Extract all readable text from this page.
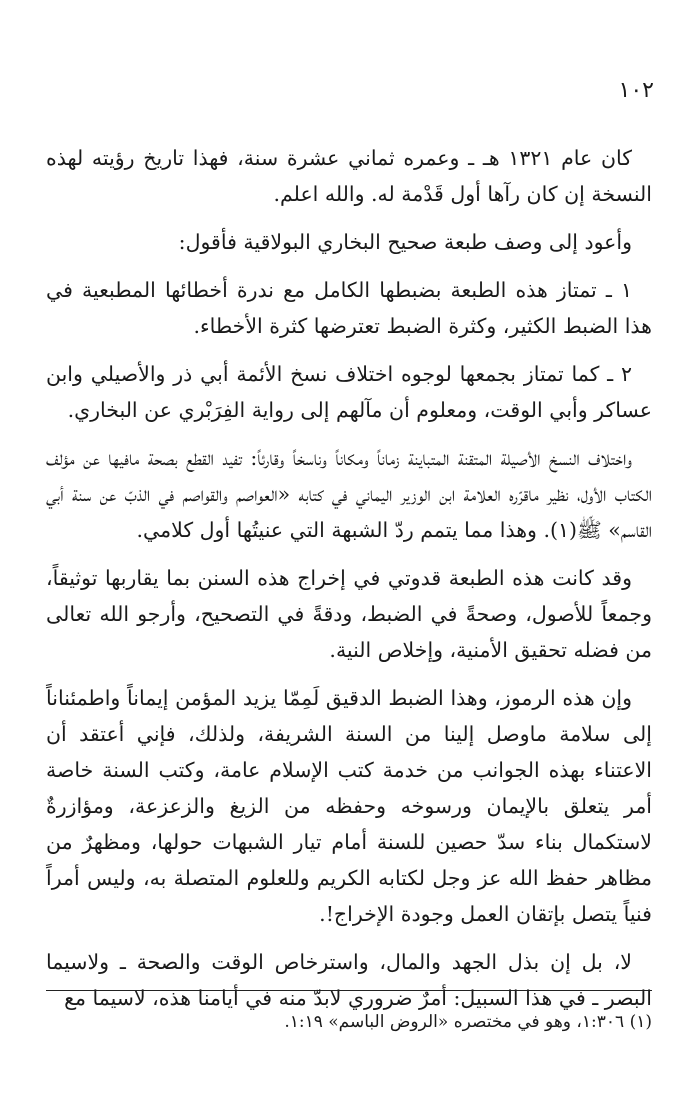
١٠٢

كان عام ١٣٢١ هـ ـ وعمره ثماني عشرة سنة، فهذا تاريخ رؤيته لهذه النسخة إن كان رآها أول قَدْمة له. والله اعلم.

وأعود إلى وصف طبعة صحيح البخاري البولاقية فأقول:

١ ـ تمتاز هذه الطبعة بضبطها الكامل مع ندرة أخطائها المطبعية في هذا الضبط الكثير، وكثرة الضبط تعترضها كثرة الأخطاء.

٢ ـ كما تمتاز بجمعها لوجوه اختلاف نسخ الأئمة أبي ذر والأصيلي وابن عساكر وأبي الوقت، ومعلوم أن مآلهم إلى رواية الفِرَبْري عن البخاري.

واختلاف النسخ الأصيلة المتقنة المتباينة زماناً ومكاناً وناسخاً وقارئاً: تفيد القطع بصحة مافيها عن مؤلف الكتاب الأول، نظير ماقرّره العلامة ابن الوزير اليماني في كتابه «العواصم والقواصم في الذبّ عن سنة أبي القاسم» ﷺ(١). وهذا مما يتمم ردّ الشبهة التي عنيتُها أول كلامي.

وقد كانت هذه الطبعة قدوتي في إخراج هذه السنن بما يقاربها توثيقاً، وجمعاً للأصول، وصحةً في الضبط، ودقةً في التصحيح، وأرجو الله تعالى من فضله تحقيق الأمنية، وإخلاص النية.

وإن هذه الرموز، وهذا الضبط الدقيق لَمِمّا يزيد المؤمن إيماناً واطمئناناً إلى سلامة ماوصل إلينا من السنة الشريفة، ولذلك، فإني أعتقد أن الاعتناء بهذه الجوانب من خدمة كتب الإسلام عامة، وكتب السنة خاصة أمر يتعلق بالإيمان ورسوخه وحفظه من الزيغ والزعزعة، ومؤازرةٌ لاستكمال بناء سدّ حصين للسنة أمام تيار الشبهات حولها، ومظهرٌ من مظاهر حفظ الله عز وجل لكتابه الكريم وللعلوم المتصلة به، وليس أمراً فنياً يتصل بإتقان العمل وجودة الإخراج!.

لا، بل إن بذل الجهد والمال، واسترخاص الوقت والصحة ـ ولاسيما البصر ـ في هذا السبيل: أمرٌ ضروري لابدّ منه في أيامنا هذه، لاسيما مع

(١) ١:٣٠٦، وهو في مختصره «الروض الباسم» ١:١٩.
